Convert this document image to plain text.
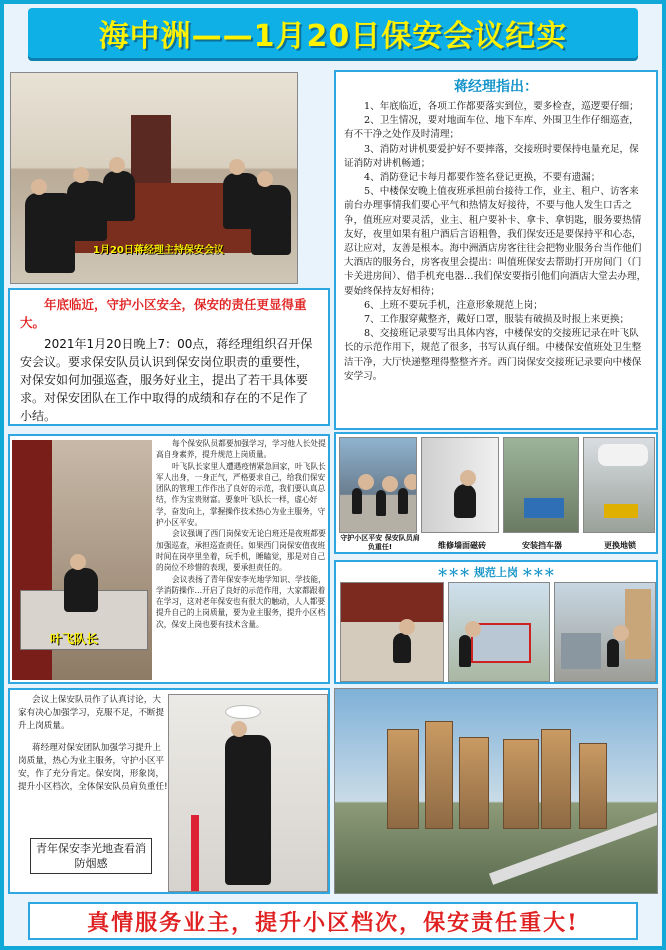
海中洲——1月20日保安会议纪实
1月20日蒋经理主持保安会议
年底临近，守护小区安全，保安的责任更显得重大。
2021年1月20日晚上7：00点，蒋经理组织召开保安会议。要求保安队员认识到保安岗位职责的重要性，对保安如何加强巡查，服务好业主，提出了若干具体要求。对保安团队在工作中取得的成绩和存在的不足作了小结。
蒋经理指出：

1、年底临近，各项工作都要落实到位，要多检查，巡逻要仔细；

2、卫生情况，要对地面车位、地下车库、外围卫生作仔细巡查，有不干净之处作及时清理；

3、消防对讲机要爱护好不要摔落，交接班时要保持电量充足，保证消防对讲机畅通；

4、消防登记卡每月都要作签名登记更换，不要有遗漏；

5、中楼保安晚上值夜班承担前台接待工作，业主、租户、访客来前台办理事情我们要心平气和热情友好接待，不要与他人发生口舌之争，值班应对要灵活，业主、租户要补卡、拿卡、拿钥匙，服务要热情友好，夜里如果有租户酒后言语粗鲁，我们保安还是要保持平和心态，忍让应对，友善是根本。海中洲酒店房客往往会把物业服务台当作他们大酒店的服务台，房客夜里会提出：叫值班保安去帮助打开房间门（门卡关进房间）、借手机充电器…我们保安要指引他们向酒店大堂去办理，要始终保持友好相待；

6、上班不要玩手机，注意形象规范上岗；

7、工作服穿戴整齐，戴好口罩，服装有破损及时报上来更换；

8、交接班记录要写出具体内容，中楼保安的交接班记录在叶飞队长的示范作用下，规范了很多，书写认真仔细。中楼保安值班处卫生整洁干净，大厅快递整理得整整齐齐。西门岗保安交接班记录要向中楼保安学习。

叶飞队长

每个保安队员都要加强学习，学习他人长处提高自身素养，提升规范上岗质量。

叶飞队长家里人遭遇疫情紧急回家，叶飞队长军人出身，一身正气，严格要求自己，给我们保安团队的管理工作作出了良好的示范，我们要认真总结，作为宝贵财富。要象叶飞队长一样，虚心好学，奋发向上，掌握操作技术热心为业主服务，守护小区平安。

会议强调了西门岗保安无论白班还是夜班都要加强巡查，承担巡查责任。如果西门岗保安值夜班时间在岗亭里坐着，玩手机，睡瞌觉，那是对自己的岗位不珍惜的表现，要承担责任的。

会议表扬了青年保安李光地学知识、学技能，学消防操作…开启了良好的示范作用，大家都跟着在学习，这对老年保安也有很大的触动，人人都要提升自己的上岗质量，要为业主服务，提升小区档次，保安上岗也要有技术含量。

守护小区平安 保安队员肩负重任!	维修墙面磁砖	安装挡车器	更换地锁
＊＊＊ 规范上岗 ＊＊＊
会议上保安队员作了认真讨论，大家有决心加强学习，克服不足，不断提升上岗质量。
蒋经理对保安团队加强学习提升上岗质量，热心为业主服务，守护小区平安，作了充分肯定。保安岗，形象岗，提升小区档次，全体保安队员肩负重任!
青年保安李光地查看消防烟感
真情服务业主，提升小区档次，保安责任重大!
